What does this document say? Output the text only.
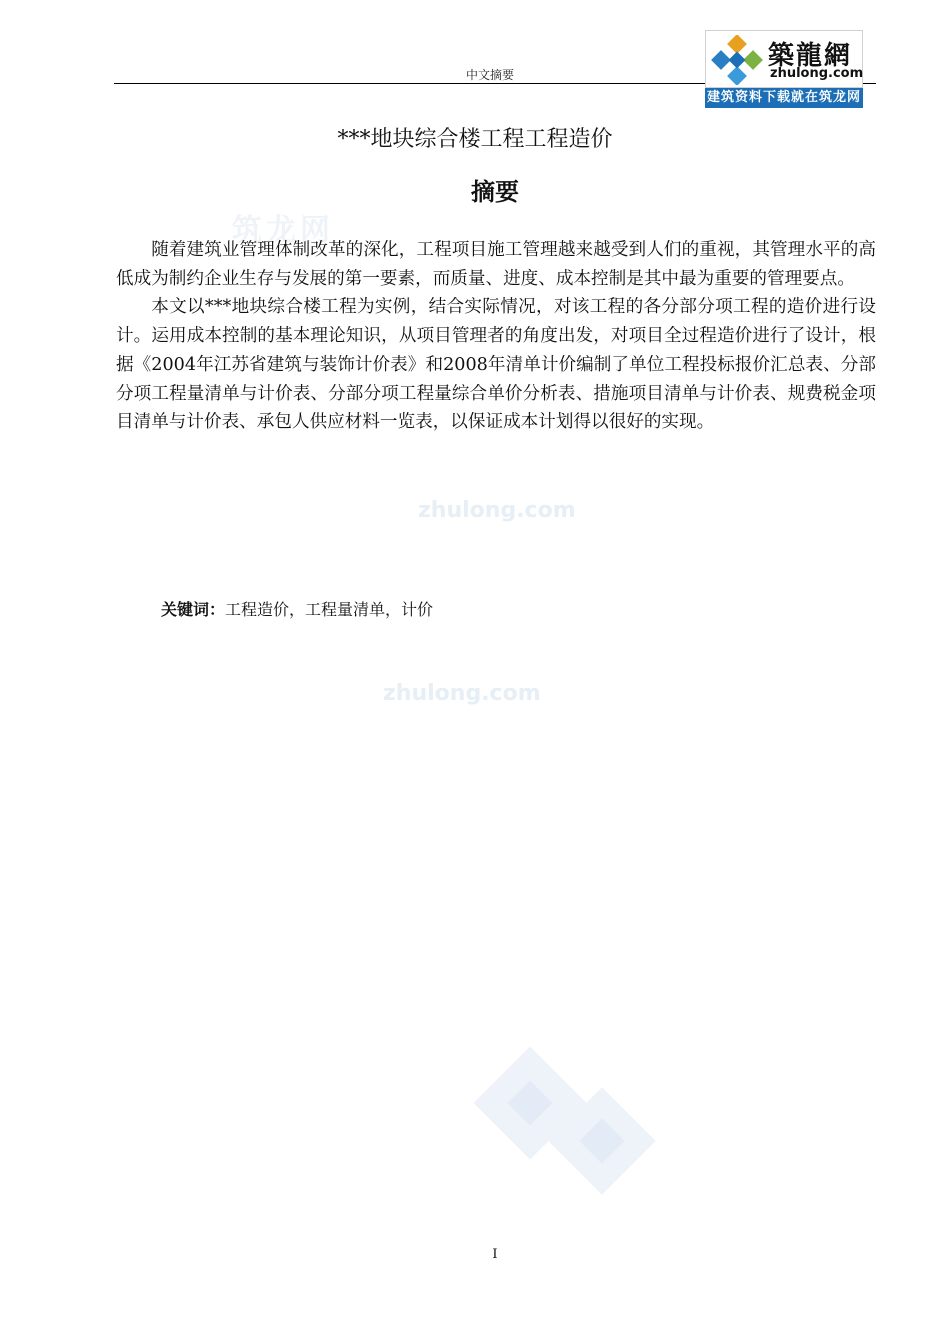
中文摘要
築龍網
zhulong.com
建筑资料下载就在筑龙网
筑龙网
zhulong.com
zhulong.com
***地块综合楼工程工程造价
摘要

随着建筑业管理体制改革的深化，工程项目施工管理越来越受到人们的重视，其管理水平的高低成为制约企业生存与发展的第一要素，而质量、进度、成本控制是其中最为重要的管理要点。

本文以***地块综合楼工程为实例，结合实际情况，对该工程的各分部分项工程的造价进行设计。运用成本控制的基本理论知识，从项目管理者的角度出发，对项目全过程造价进行了设计，根据《2004年江苏省建筑与装饰计价表》和2008年清单计价编制了单位工程投标报价汇总表、分部分项工程量清单与计价表、分部分项工程量综合单价分析表、措施项目清单与计价表、规费税金项目清单与计价表、承包人供应材料一览表，以保证成本计划得以很好的实现。

关键词：工程造价，工程量清单，计价
I
